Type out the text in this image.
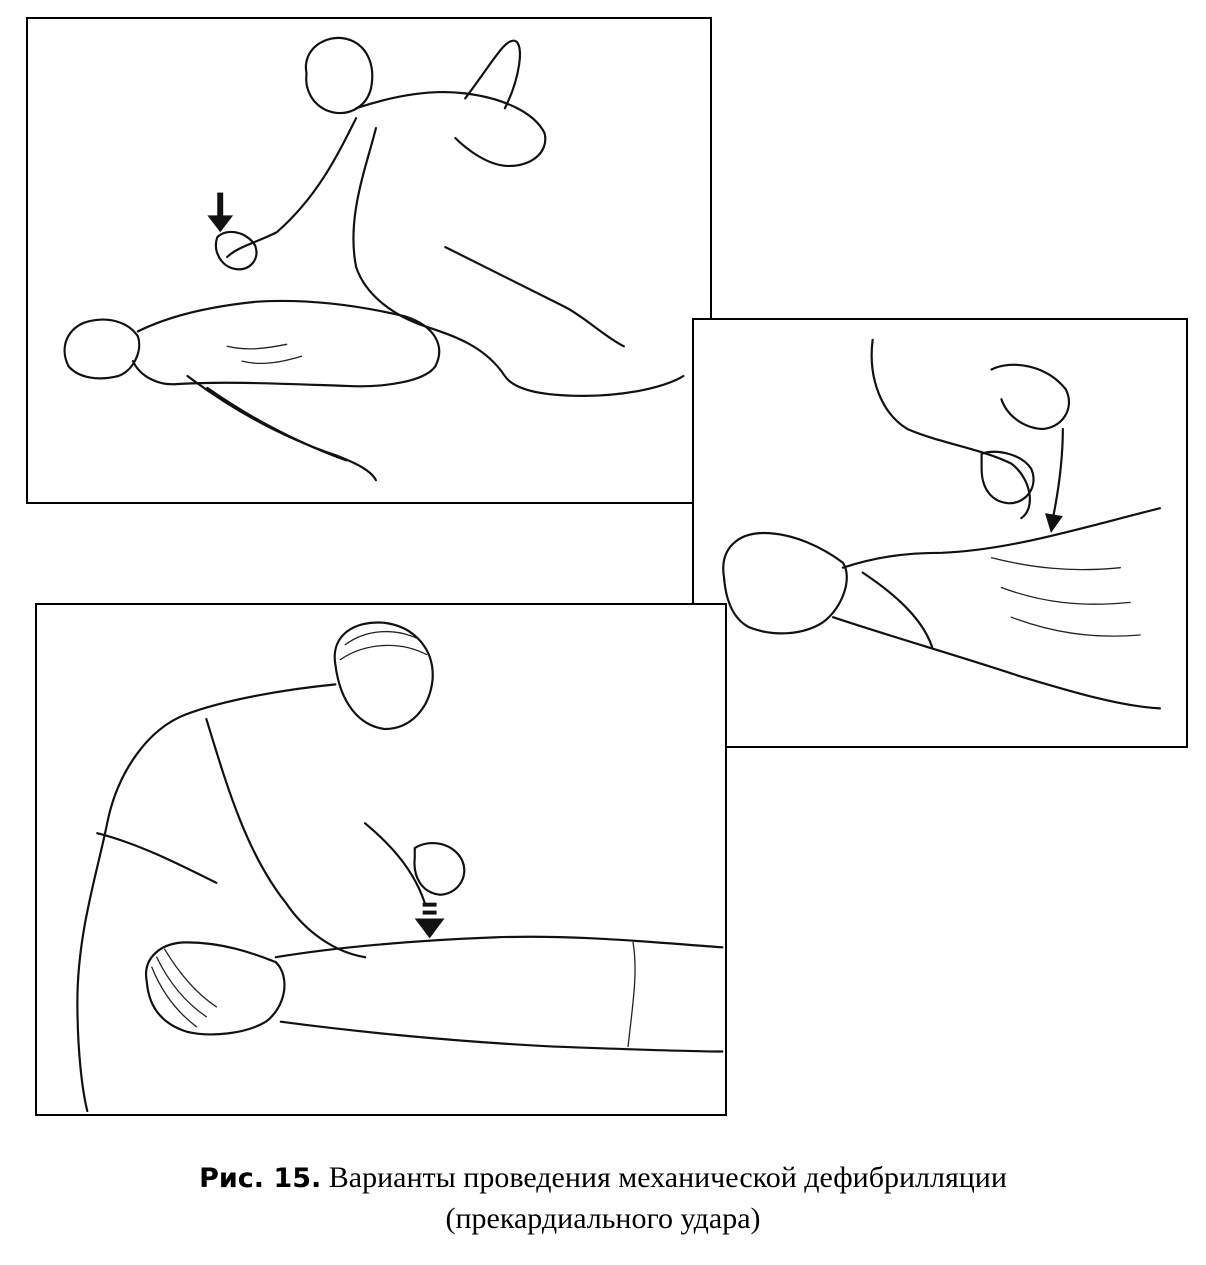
Рис. 15. Варианты проведения механической дефибрилляции
(прекардиального удара)
